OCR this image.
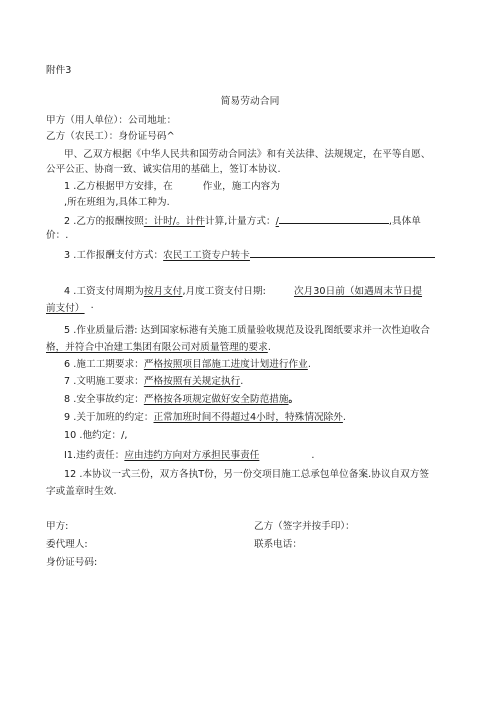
附件3
简易劳动合同
甲方（用人单位）：公司地址：
乙方（农民工）：身份证号码^
甲、乙双方根据《中华人民共和国劳动合同法》和有关法律、法规规定，在平等自愿、
公平公正、协商一致、诚实信用的基础上，签订本协议.
1 .乙方根据甲方安排，在	作业，施工内容为
,所在班组为,具体工种为.
2 .乙方的报酬按照：计时/。计件计算,计量方式：/	,具体单
价：.
3 .工作报酬支付方式：农民工工资专户转卡
4 .工资支付周期为按月支付,月度工资支付日期:	次月30日前（如遇周末节日提
前支付） ·
5 .作业质量后潜: 达到国家标港有关施工质量验收规范及设乳图纸要求并一次性迫收合
格，并符合中冶建工集团有限公司对质量管理的要求.
6 .施工工期要求：严格按照项目部施工进度计划进行作业.
7 .文明施工要求：严格按照有关规定执行.
8 .安全事故约定：严格按各项规定做好安全防范措施。
9 .关于加班的约定：正常加班时间不得超过4小时，特殊情况除外.
10 .他约定：/,
I1.违约责任：应由违约方向对方承担民事责任	.
12 .本协议一式三份，双方各执T份，另一份交项目施工总承包单位备案.协议自双方签
字或盖章时生效.
甲方:	乙方（签字并按手印）：
委代理人:	联系电话：
身份证号码:
